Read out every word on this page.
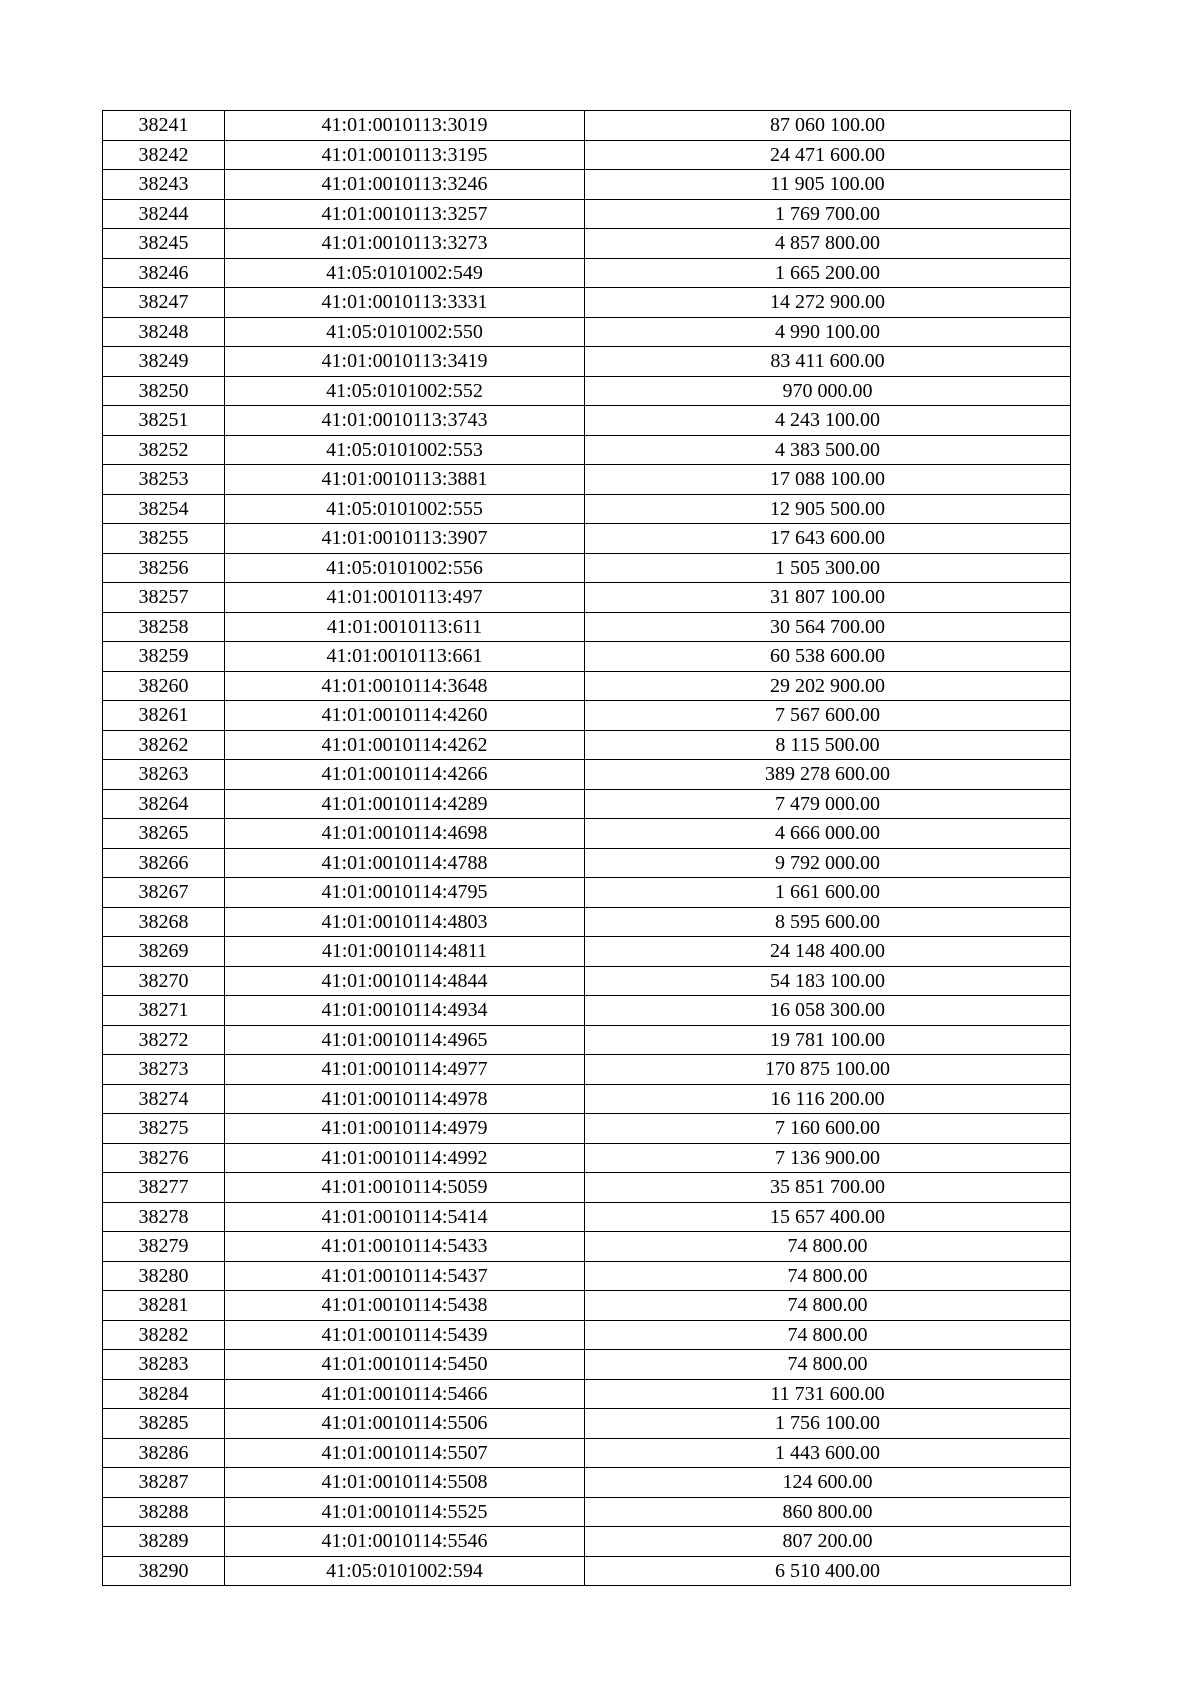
38241	41:01:0010113:3019	87 060 100.00
38242	41:01:0010113:3195	24 471 600.00
38243	41:01:0010113:3246	11 905 100.00
38244	41:01:0010113:3257	1 769 700.00
38245	41:01:0010113:3273	4 857 800.00
38246	41:05:0101002:549	1 665 200.00
38247	41:01:0010113:3331	14 272 900.00
38248	41:05:0101002:550	4 990 100.00
38249	41:01:0010113:3419	83 411 600.00
38250	41:05:0101002:552	970 000.00
38251	41:01:0010113:3743	4 243 100.00
38252	41:05:0101002:553	4 383 500.00
38253	41:01:0010113:3881	17 088 100.00
38254	41:05:0101002:555	12 905 500.00
38255	41:01:0010113:3907	17 643 600.00
38256	41:05:0101002:556	1 505 300.00
38257	41:01:0010113:497	31 807 100.00
38258	41:01:0010113:611	30 564 700.00
38259	41:01:0010113:661	60 538 600.00
38260	41:01:0010114:3648	29 202 900.00
38261	41:01:0010114:4260	7 567 600.00
38262	41:01:0010114:4262	8 115 500.00
38263	41:01:0010114:4266	389 278 600.00
38264	41:01:0010114:4289	7 479 000.00
38265	41:01:0010114:4698	4 666 000.00
38266	41:01:0010114:4788	9 792 000.00
38267	41:01:0010114:4795	1 661 600.00
38268	41:01:0010114:4803	8 595 600.00
38269	41:01:0010114:4811	24 148 400.00
38270	41:01:0010114:4844	54 183 100.00
38271	41:01:0010114:4934	16 058 300.00
38272	41:01:0010114:4965	19 781 100.00
38273	41:01:0010114:4977	170 875 100.00
38274	41:01:0010114:4978	16 116 200.00
38275	41:01:0010114:4979	7 160 600.00
38276	41:01:0010114:4992	7 136 900.00
38277	41:01:0010114:5059	35 851 700.00
38278	41:01:0010114:5414	15 657 400.00
38279	41:01:0010114:5433	74 800.00
38280	41:01:0010114:5437	74 800.00
38281	41:01:0010114:5438	74 800.00
38282	41:01:0010114:5439	74 800.00
38283	41:01:0010114:5450	74 800.00
38284	41:01:0010114:5466	11 731 600.00
38285	41:01:0010114:5506	1 756 100.00
38286	41:01:0010114:5507	1 443 600.00
38287	41:01:0010114:5508	124 600.00
38288	41:01:0010114:5525	860 800.00
38289	41:01:0010114:5546	807 200.00
38290	41:05:0101002:594	6 510 400.00
